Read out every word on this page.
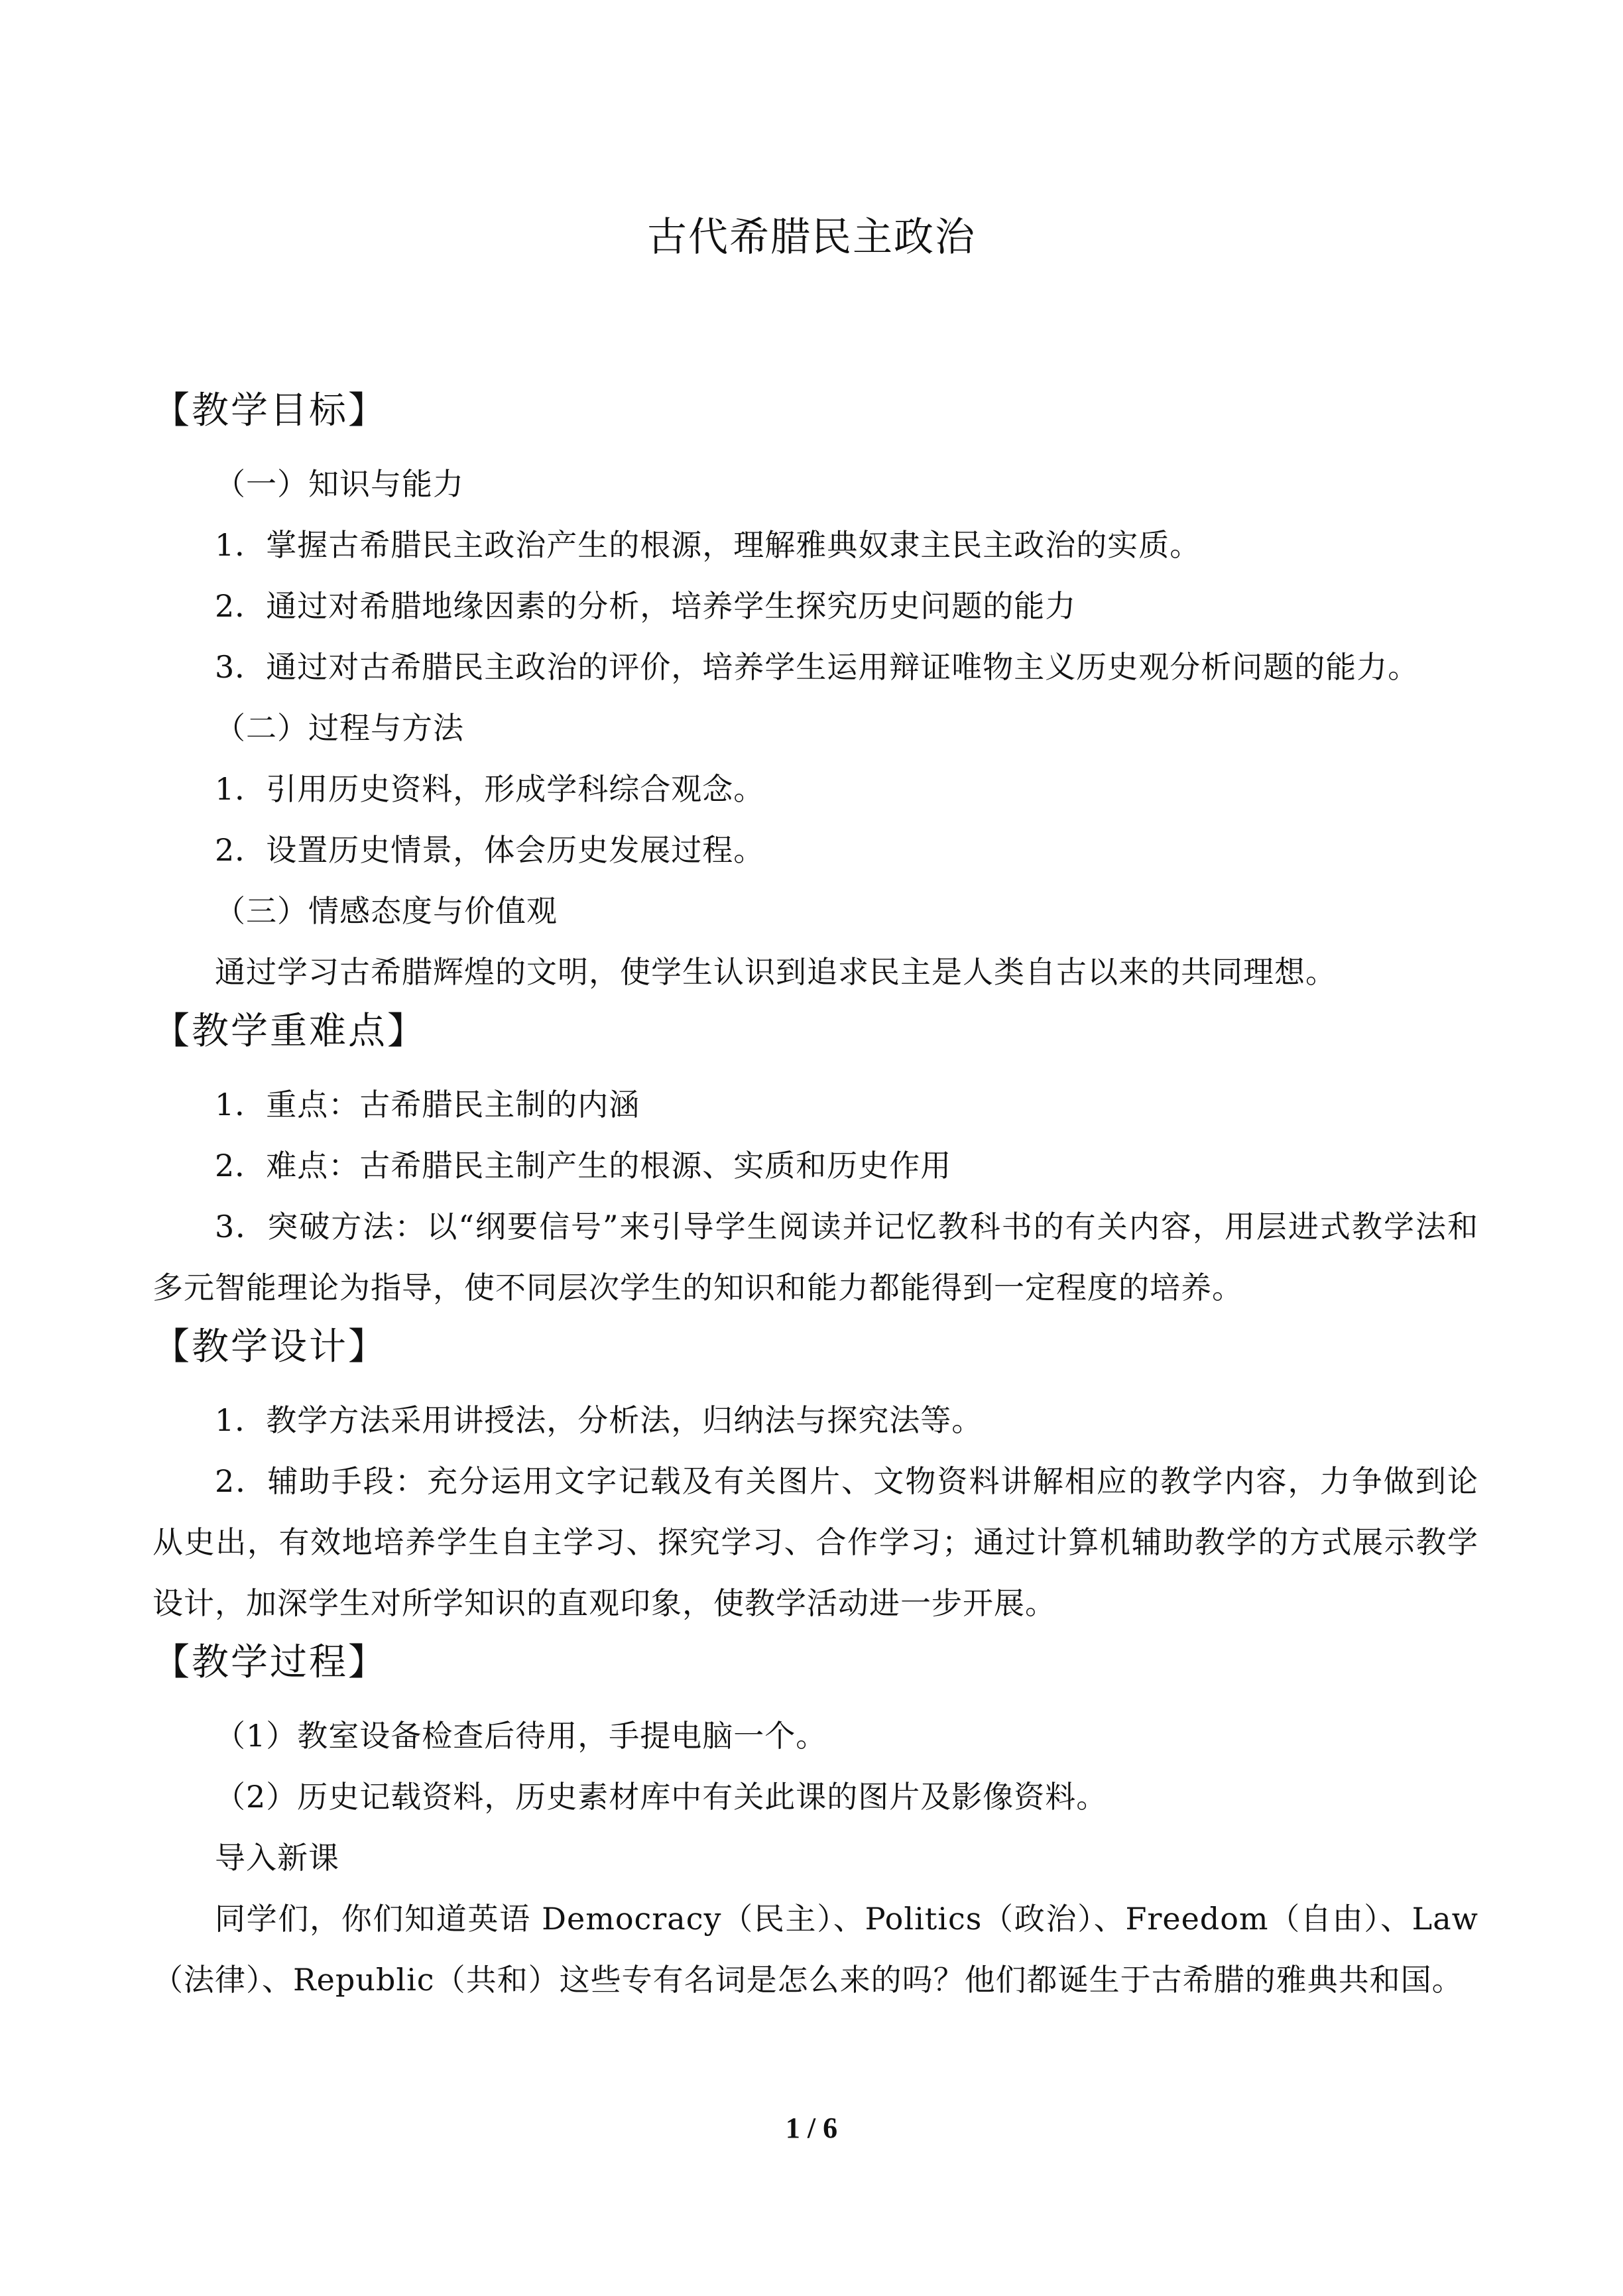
古代希腊民主政治
【教学目标】

（一）知识与能力

1．掌握古希腊民主政治产生的根源，理解雅典奴隶主民主政治的实质。

2．通过对希腊地缘因素的分析，培养学生探究历史问题的能力

3．通过对古希腊民主政治的评价，培养学生运用辩证唯物主义历史观分析问题的能力。

（二）过程与方法

1．引用历史资料，形成学科综合观念。

2．设置历史情景，体会历史发展过程。

（三）情感态度与价值观

通过学习古希腊辉煌的文明，使学生认识到追求民主是人类自古以来的共同理想。

【教学重难点】

1．重点：古希腊民主制的内涵

2．难点：古希腊民主制产生的根源、实质和历史作用

3．突破方法：以“纲要信号”来引导学生阅读并记忆教科书的有关内容，用层进式教学法和多元智能理论为指导，使不同层次学生的知识和能力都能得到一定程度的培养。

【教学设计】

1．教学方法采用讲授法，分析法，归纳法与探究法等。

2．辅助手段：充分运用文字记载及有关图片、文物资料讲解相应的教学内容，力争做到论从史出，有效地培养学生自主学习、探究学习、合作学习；通过计算机辅助教学的方式展示教学设计，加深学生对所学知识的直观印象，使教学活动进一步开展。

【教学过程】

（1）教室设备检查后待用，手提电脑一个。

（2）历史记载资料，历史素材库中有关此课的图片及影像资料。

导入新课

同学们，你们知道英语 Democracy（民主）、Politics（政治）、Freedom（自由）、Law（法律）、Republic（共和）这些专有名词是怎么来的吗？他们都诞生于古希腊的雅典共和国。

1 / 6
